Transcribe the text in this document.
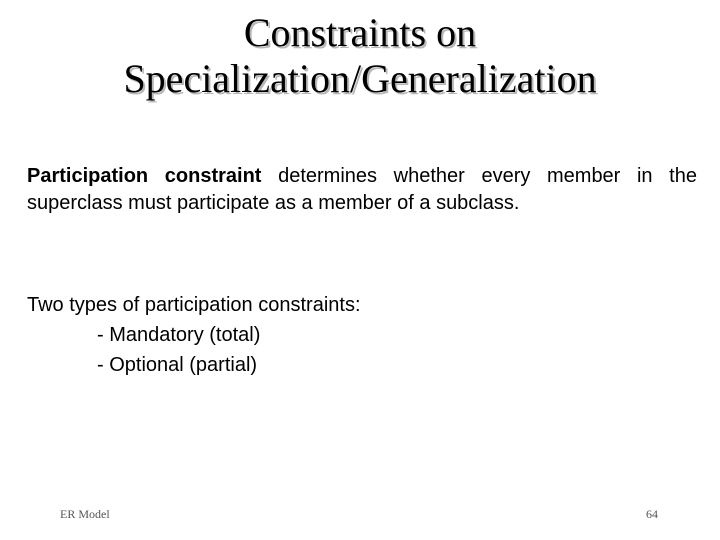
Constraints on
Specialization/Generalization
Participation constraint determines whether every member in the superclass must participate as a member of a subclass.
Two types of participation constraints:
- Mandatory (total)
- Optional (partial)
ER Model	64
